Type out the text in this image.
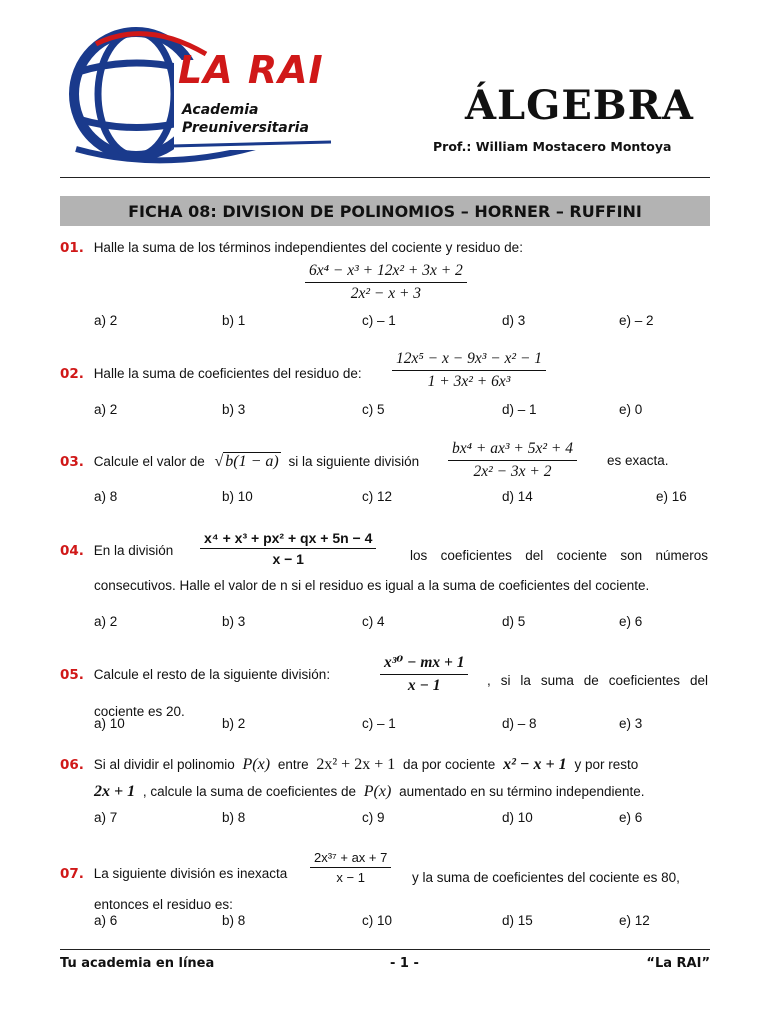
LA RAI
Academia
Preuniversitaria	ÁLGEBRA
Prof.: William Mostacero Montoya
FICHA 08: DIVISION DE POLINOMIOS – HORNER – RUFFINI
01. Halle la suma de los términos independientes del cociente y residuo de:
$\frac{\text{6x⁴ − x³ + 12x² + 3x + 2}}{\text{2x² − x + 3}}$
a) 2	b) 1	c) – 1	d) 3	e) – 2
02. Halle la suma de coeficientes del residuo de:	$\frac{\text{12x⁵ − x − 9x³ − x² − 1}}{\text{1 + 3x² + 6x³}}$
a) 2	b) 3	c) 5	d) – 1	e) 0
03. Calcule el valor de √ b(1 − a) si la siguiente división	$\frac{\text{bx⁴ + ax³ + 5x² + 4}}{\text{2x² − 3x + 2}}$ es exacta.
a) 8	b) 10	c) 12	d) 14	e) 16
04. En la división	$\frac{\text{x⁴ + x³ + px² + qx + 5n − 4}}{x - 1}$	los coeficientes del cociente son números consecutivos. Halle el valor de n si el residuo es igual a la suma de coeficientes del cociente.
a) 2	b) 3	c) 4	d) 5	e) 6
05. Calcule el resto de la siguiente división:	$\frac{\text{x³⁰ − mx + 1}}{x - 1}$	, si la suma de coeficientes del cociente es 20.
a) 10	b) 2	c) – 1	d) – 8	e) 3
06. Si al dividir el polinomio P(x) entre 2x² + 2x + 1 da por cociente x² − x + 1 y por resto
2x + 1 , calcule la suma de coeficientes de P(x) aumentado en su término independiente.
a) 7	b) 8	c) 9	d) 10	e) 6
07. La siguiente división es inexacta	$\frac{\text{2x³⁷ + ax + 7}}{x - 1}$	y la suma de coeficientes del cociente es 80, entonces el residuo es:
a) 6	b) 8	c) 10	d) 15	e) 12
Tu academia en línea	- 1 -	“La RAI”
